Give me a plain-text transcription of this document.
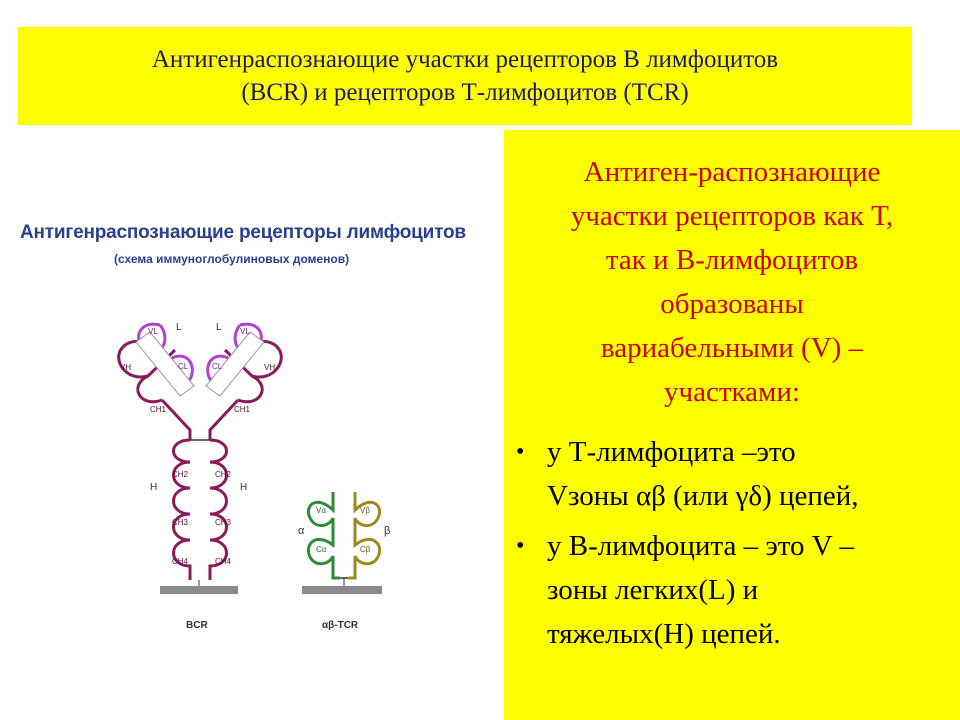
Антигенраспознающие участки рецепторов В лимфоцитов
(BCR) и рецепторов Т-лимфоцитов (TCR)
Антигенраспознающие рецепторы лимфоцитов
(схема иммуноглобулиновых доменов)
VL	VL
CL	CL
VH	VH
CH1	CH1
CH2	CH2
CH3	CH3
CH4	CH4
L	L
H	H
BCR
Vα
Cα
Vβ
Cβ
α	β
αβ-TCR
Антиген-распознающие
участки рецепторов как Т,
так и В-лимфоцитов
образованы
вариабельными (V) –
участками:
• у Т-лимфоцита –это
Vзоны αβ (или γδ) цепей,
• у В-лимфоцита – это V –
зоны легких(L) и
тяжелых(Н) цепей.
